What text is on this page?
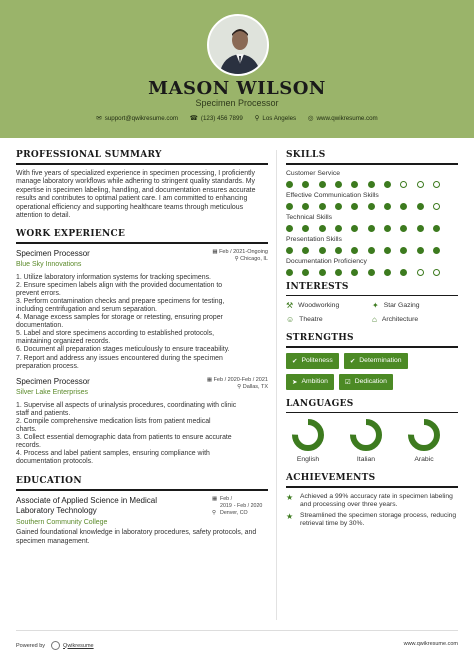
MASON WILSON
Specimen Processor
✉ support@qwikresume.com ☎ (123) 456 7899 ⚲ Los Angeles ◎ www.qwikresume.com
PROFESSIONAL SUMMARY
With five years of specialized experience in specimen processing, I proficiently manage laboratory workflows while adhering to stringent quality standards. My expertise in specimen labeling, handling, and documentation ensures accurate results and contributes to optimal patient care. I am committed to enhancing operational efficiency and supporting healthcare teams through meticulous attention to detail.
WORK EXPERIENCE
Specimen Processor	▦ Feb / 2021-Ongoing
⚲ Chicago, IL
Blue Sky Innovations
1. Utilize laboratory information systems for tracking specimens.
2. Ensure specimen labels align with the provided documentation to
prevent errors.
3. Perform contamination checks and prepare specimens for testing,
including centrifugation and serum separation.
4. Manage excess samples for storage or retesting, ensuring proper
documentation.
5. Label and store specimens according to established protocols,
maintaining organized records.
6. Document all preparation stages meticulously to ensure traceability.
7. Report and address any issues encountered during the specimen
preparation process.
Specimen Processor	▦ Feb / 2020-Feb / 2021
⚲ Dallas, TX
Silver Lake Enterprises
1. Supervise all aspects of urinalysis procedures, coordinating with clinic
staff and patients.
2. Compile comprehensive medication lists from patient medical
charts.
3. Collect essential demographic data from patients to ensure accurate
records.
4. Process and label patient samples, ensuring compliance with
documentation protocols.
EDUCATION
Associate of Applied Science in Medical Laboratory Technology
▦ Feb /
2019 - Feb / 2020
⚲ Denver, CO
Southern Community College
Gained foundational knowledge in laboratory procedures, safety protocols, and specimen management.
SKILLS
Customer Service
Effective Communication Skills
Technical Skills
Presentation Skills
Documentation Proficiency
INTERESTS
⚒ Woodworking	✦ Star Gazing
☺ Theatre	⌂ Architecture
STRENGTHS
✔ Politeness	✔ Determination
➤ Ambition	☑ Dedication
LANGUAGES
English	Italian	Arabic
ACHIEVEMENTS
★	Achieved a 99% accuracy rate in specimen labeling and processing over three years.
★	Streamlined the specimen storage process, reducing retrieval time by 30%.
Powered by	Qwikresume	www.qwikresume.com
